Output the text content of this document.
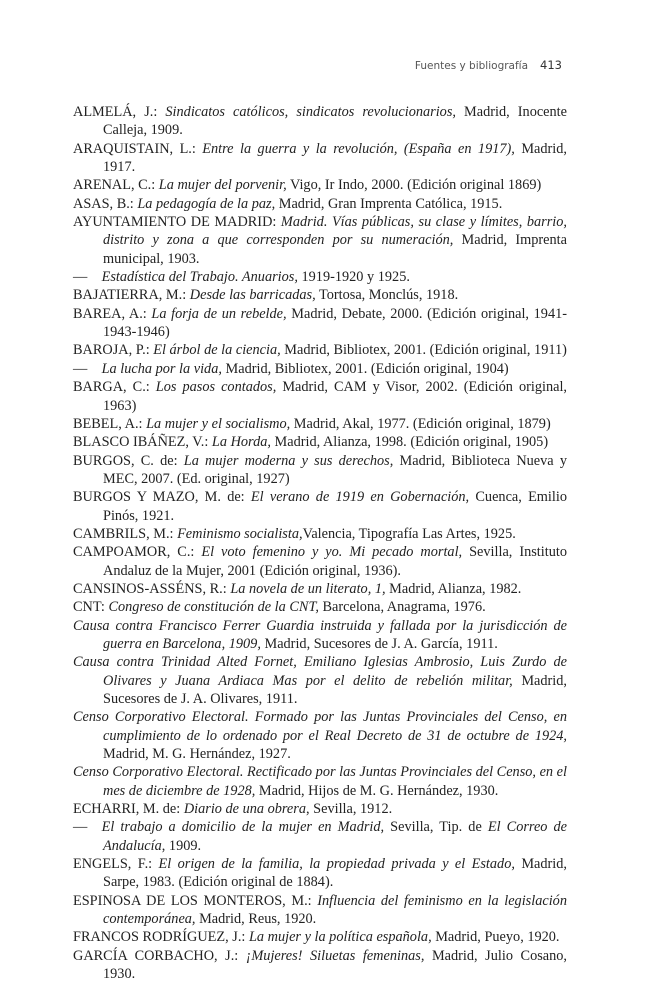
Fuentes y bibliografía 413

ALMELÁ, J.: Sindicatos católicos, sindicatos revolucionarios, Madrid, Inocente Calleja, 1909.

ARAQUISTAIN, L.: Entre la guerra y la revolución, (España en 1917), Madrid, 1917.

ARENAL, C.: La mujer del porvenir, Vigo, Ir Indo, 2000. (Edición original 1869)

ASAS, B.: La pedagogía de la paz, Madrid, Gran Imprenta Católica, 1915.

AYUNTAMIENTO DE MADRID: Madrid. Vías públicas, su clase y límites, barrio, distrito y zona a que corresponden por su numeración, Madrid, Imprenta municipal, 1903.

— Estadística del Trabajo. Anuarios, 1919-1920 y 1925.

BAJATIERRA, M.: Desde las barricadas, Tortosa, Monclús, 1918.

BAREA, A.: La forja de un rebelde, Madrid, Debate, 2000. (Edición original, 1941-1943-1946)

BAROJA, P.: El árbol de la ciencia, Madrid, Bibliotex, 2001. (Edición original, 1911)

— La lucha por la vida, Madrid, Bibliotex, 2001. (Edición original, 1904)

BARGA, C.: Los pasos contados, Madrid, CAM y Visor, 2002. (Edición original, 1963)

BEBEL, A.: La mujer y el socialismo, Madrid, Akal, 1977. (Edición original, 1879)

BLASCO IBÁÑEZ, V.: La Horda, Madrid, Alianza, 1998. (Edición original, 1905)

BURGOS, C. de: La mujer moderna y sus derechos, Madrid, Biblioteca Nueva y MEC, 2007. (Ed. original, 1927)

BURGOS Y MAZO, M. de: El verano de 1919 en Gobernación, Cuenca, Emilio Pinós, 1921.

CAMBRILS, M.: Feminismo socialista,Valencia, Tipografía Las Artes, 1925.

CAMPOAMOR, C.: El voto femenino y yo. Mi pecado mortal, Sevilla, Instituto Andaluz de la Mujer, 2001 (Edición original, 1936).

CANSINOS-ASSÉNS, R.: La novela de un literato, 1, Madrid, Alianza, 1982.

CNT: Congreso de constitución de la CNT, Barcelona, Anagrama, 1976.

Causa contra Francisco Ferrer Guardia instruida y fallada por la jurisdicción de guerra en Barcelona, 1909, Madrid, Sucesores de J. A. García, 1911.

Causa contra Trinidad Alted Fornet, Emiliano Iglesias Ambrosio, Luis Zurdo de Olivares y Juana Ardiaca Mas por el delito de rebelión militar, Madrid, Sucesores de J. A. Olivares, 1911.

Censo Corporativo Electoral. Formado por las Juntas Provinciales del Censo, en cumplimiento de lo ordenado por el Real Decreto de 31 de octubre de 1924, Madrid, M. G. Hernández, 1927.

Censo Corporativo Electoral. Rectificado por las Juntas Provinciales del Censo, en el mes de diciembre de 1928, Madrid, Hijos de M. G. Hernández, 1930.

ECHARRI, M. de: Diario de una obrera, Sevilla, 1912.

— El trabajo a domicilio de la mujer en Madrid, Sevilla, Tip. de El Correo de Andalucía, 1909.

ENGELS, F.: El origen de la familia, la propiedad privada y el Estado, Madrid, Sarpe, 1983. (Edición original de 1884).

ESPINOSA DE LOS MONTEROS, M.: Influencia del feminismo en la legislación contemporánea, Madrid, Reus, 1920.

FRANCOS RODRÍGUEZ, J.: La mujer y la política española, Madrid, Pueyo, 1920.

GARCÍA CORBACHO, J.: ¡Mujeres! Siluetas femeninas, Madrid, Julio Cosano, 1930.
